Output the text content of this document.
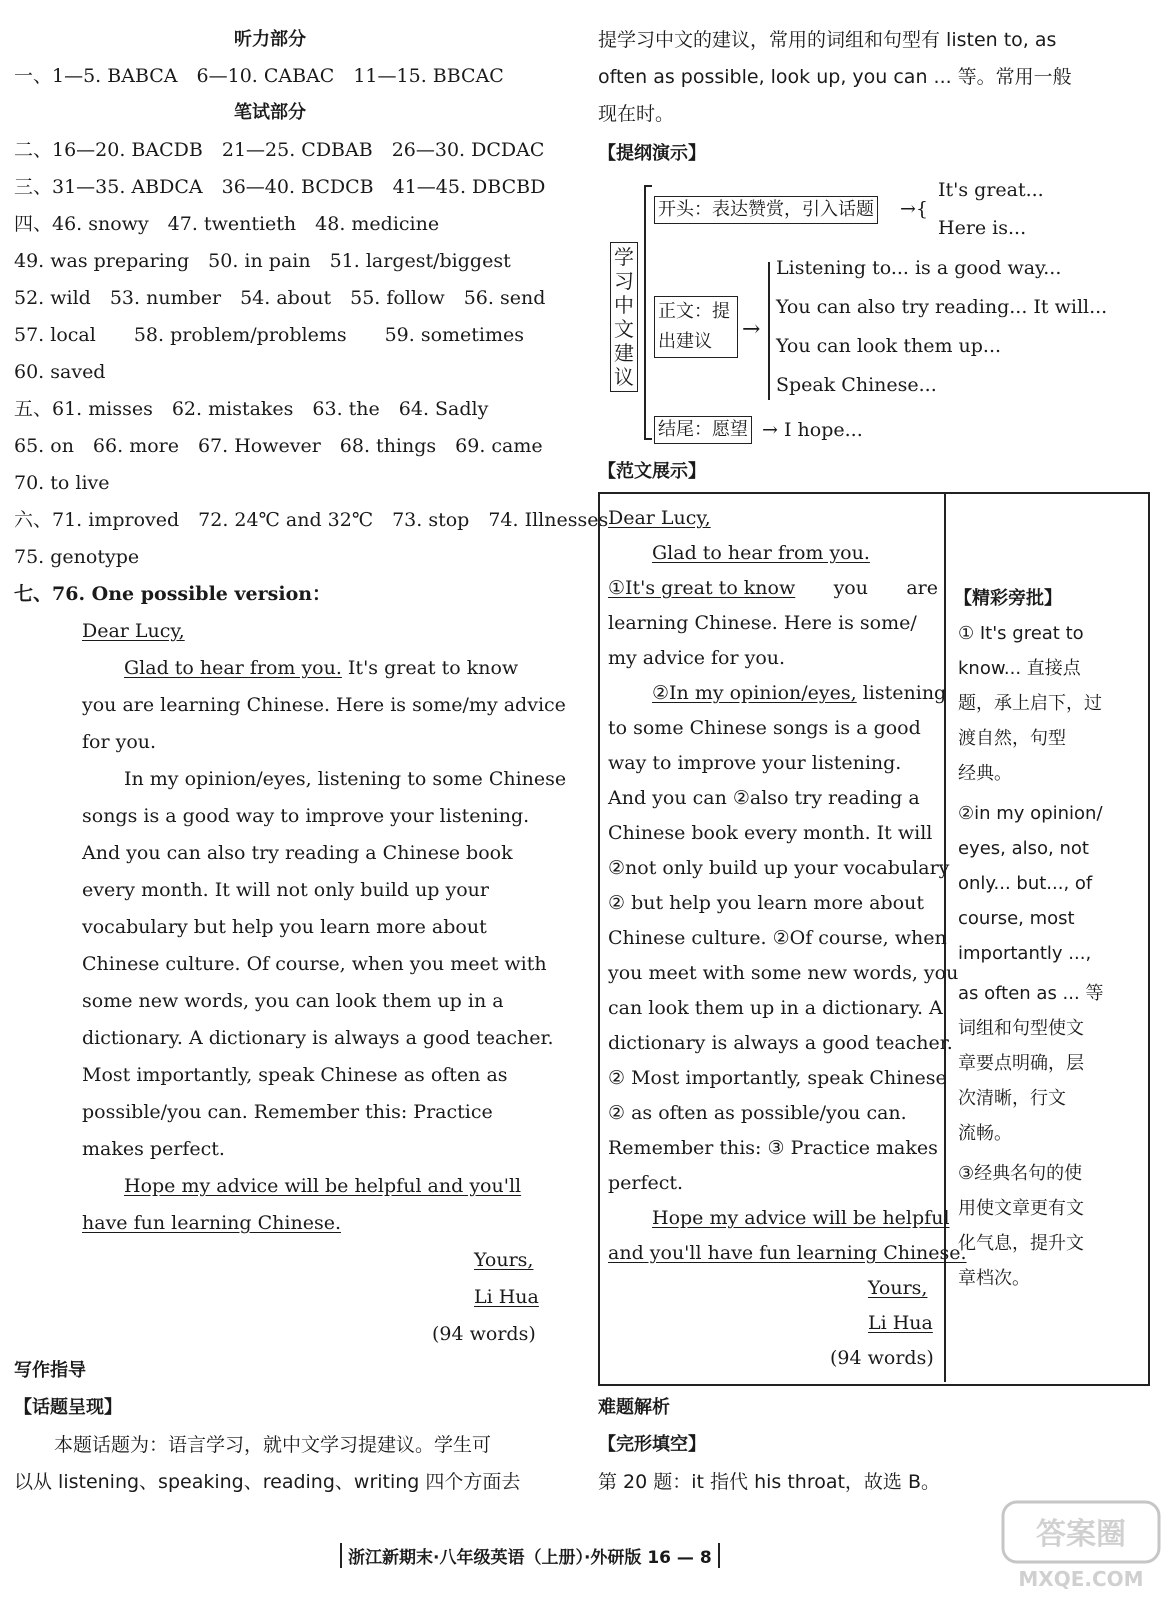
听力部分
一、1—5. BABCA　6—10. CABAC　11—15. BBCAC
笔试部分
二、16—20. BACDB　21—25. CDBAB　26—30. DCDAC
三、31—35. ABDCA　36—40. BCDCB　41—45. DBCBD
四、46. snowy　47. twentieth　48. medicine
49. was preparing　50. in pain　51. largest/biggest
52. wild　53. number　54. about　55. follow　56. send
57. local　　58. problem/problems　　59. sometimes
60. saved
五、61. misses　62. mistakes　63. the　64. Sadly
65. on　66. more　67. However　68. things　69. came
70. to live
六、71. improved　72. 24℃ and 32℃　73. stop　74. Illnesses
75. genotype
七、76. One possible version：
Dear Lucy,
Glad to hear from you. It's great to know
you are learning Chinese. Here is some/my advice
for you.
In my opinion/eyes, listening to some Chinese
songs is a good way to improve your listening.
And you can also try reading a Chinese book
every month. It will not only build up your
vocabulary but help you learn more about
Chinese culture. Of course, when you meet with
some new words, you can look them up in a
dictionary. A dictionary is always a good teacher.
Most importantly, speak Chinese as often as
possible/you can. Remember this: Practice
makes perfect.
Hope my advice will be helpful and you'll
have fun learning Chinese.
Yours,
Li Hua
(94 words)
写作指导
【话题呈现】
本题话题为：语言学习，就中文学习提建议。学生可
以从 listening、speaking、reading、writing 四个方面去
提学习中文的建议，常用的词组和句型有 listen to, as
often as possible, look up, you can ... 等。常用一般
现在时。
【提纲演示】
学习中文建议
开头：表达赞赏，引入话题 →{
It's great...
Here is...
正文：提出建议	→
Listening to... is a good way...
You can also try reading... It will...
You can look them up...
Speak Chinese...
结尾：愿望 → I hope...
【范文展示】
Dear Lucy,
Glad to hear from you.
①It's great to know you are
learning Chinese. Here is some/
my advice for you.
②In my opinion/eyes, listening
to some Chinese songs is a good
way to improve your listening.
And you can ②also try reading a
Chinese book every month. It will
②not only build up your vocabulary
② but help you learn more about
Chinese culture. ②Of course, when
you meet with some new words, you
can look them up in a dictionary. A
dictionary is always a good teacher.
② Most importantly, speak Chinese
② as often as possible/you can.
Remember this: ③ Practice makes
perfect.
Hope my advice will be helpful
and you'll have fun learning Chinese.
Yours,
Li Hua
(94 words)
【精彩旁批】
① It's great to
know... 直接点
题，承上启下，过
渡自然，句型
经典。
②in my opinion/
eyes, also, not
only... but..., of
course, most
importantly ...,
as often as ... 等
词组和句型使文
章要点明确，层
次清晰，行文
流畅。
③经典名句的使
用使文章更有文
化气息，提升文
章档次。
难题解析
【完形填空】
第 20 题：it 指代 his throat，故选 B。
浙江新期末·八年级英语（上册）·外研版 16 — 8
答案圈
MXQE.COM
